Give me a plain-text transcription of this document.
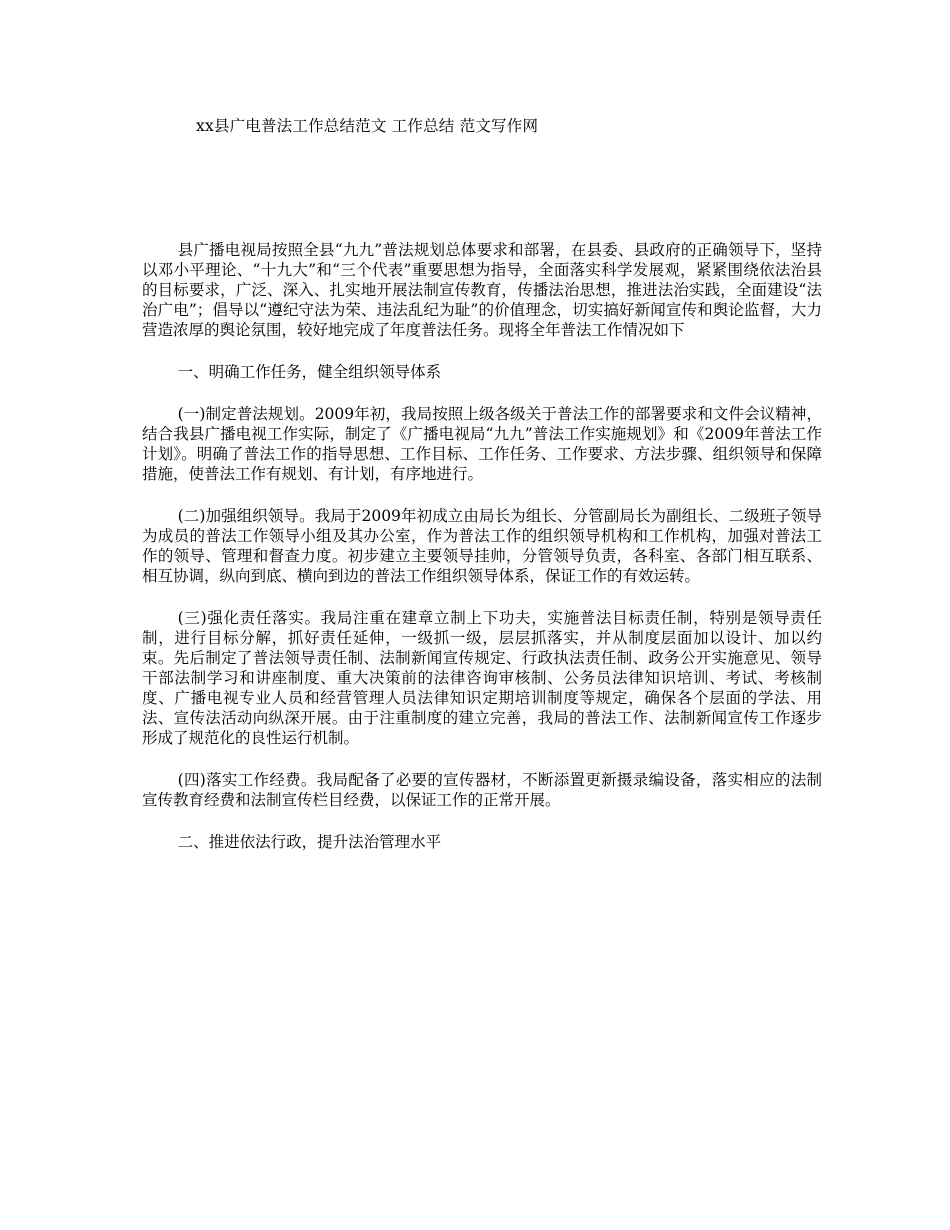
xx县广电普法工作总结范文 工作总结 范文写作网

县广播电视局按照全县“九九”普法规划总体要求和部署，在县委、县政府的正确领导下，坚持以邓小平理论、“十九大”和“三个代表”重要思想为指导，全面落实科学发展观，紧紧围绕依法治县的目标要求，广泛、深入、扎实地开展法制宣传教育，传播法治思想，推进法治实践，全面建设“法治广电”；倡导以“遵纪守法为荣、违法乱纪为耻”的价值理念，切实搞好新闻宣传和舆论监督，大力营造浓厚的舆论氛围，较好地完成了年度普法任务。现将全年普法工作情况如下

一、明确工作任务，健全组织领导体系

(一)制定普法规划。2009年初，我局按照上级各级关于普法工作的部署要求和文件会议精神，结合我县广播电视工作实际，制定了《广播电视局“九九”普法工作实施规划》和《2009年普法工作计划》。明确了普法工作的指导思想、工作目标、工作任务、工作要求、方法步骤、组织领导和保障措施，使普法工作有规划、有计划，有序地进行。

(二)加强组织领导。我局于2009年初成立由局长为组长、分管副局长为副组长、二级班子领导为成员的普法工作领导小组及其办公室，作为普法工作的组织领导机构和工作机构，加强对普法工作的领导、管理和督查力度。初步建立主要领导挂帅，分管领导负责，各科室、各部门相互联系、相互协调，纵向到底、横向到边的普法工作组织领导体系，保证工作的有效运转。

(三)强化责任落实。我局注重在建章立制上下功夫，实施普法目标责任制，特别是领导责任制，进行目标分解，抓好责任延伸，一级抓一级，层层抓落实，并从制度层面加以设计、加以约束。先后制定了普法领导责任制、法制新闻宣传规定、行政执法责任制、政务公开实施意见、领导干部法制学习和讲座制度、重大决策前的法律咨询审核制、公务员法律知识培训、考试、考核制度、广播电视专业人员和经营管理人员法律知识定期培训制度等规定，确保各个层面的学法、用法、宣传法活动向纵深开展。由于注重制度的建立完善，我局的普法工作、法制新闻宣传工作逐步形成了规范化的良性运行机制。

(四)落实工作经费。我局配备了必要的宣传器材，不断添置更新摄录编设备，落实相应的法制宣传教育经费和法制宣传栏目经费，以保证工作的正常开展。

二、推进依法行政，提升法治管理水平
